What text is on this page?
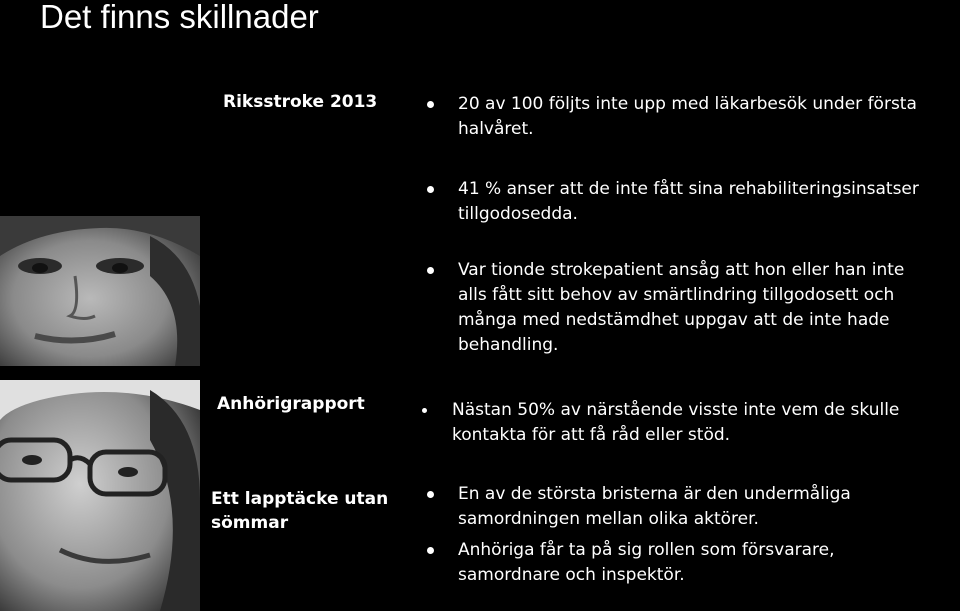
Det finns skillnader
Riksstroke 2013
Anhörigrapport
Ett lapptäcke utan sömmar
20 av 100 följts inte upp med läkarbesök under första halvåret.
41 % anser att de inte fått sina rehabiliteringsinsatser tillgodosedda.
Var tionde strokepatient ansåg att hon eller han inte alls fått sitt behov av smärtlindring tillgodosett och många med nedstämdhet uppgav att de inte hade behandling.
Nästan 50% av närstående visste inte vem de skulle kontakta för att få råd eller stöd.
En av de största bristerna är den undermåliga samordningen mellan olika aktörer.
Anhöriga får ta på sig rollen som försvarare, samordnare och inspektör.
